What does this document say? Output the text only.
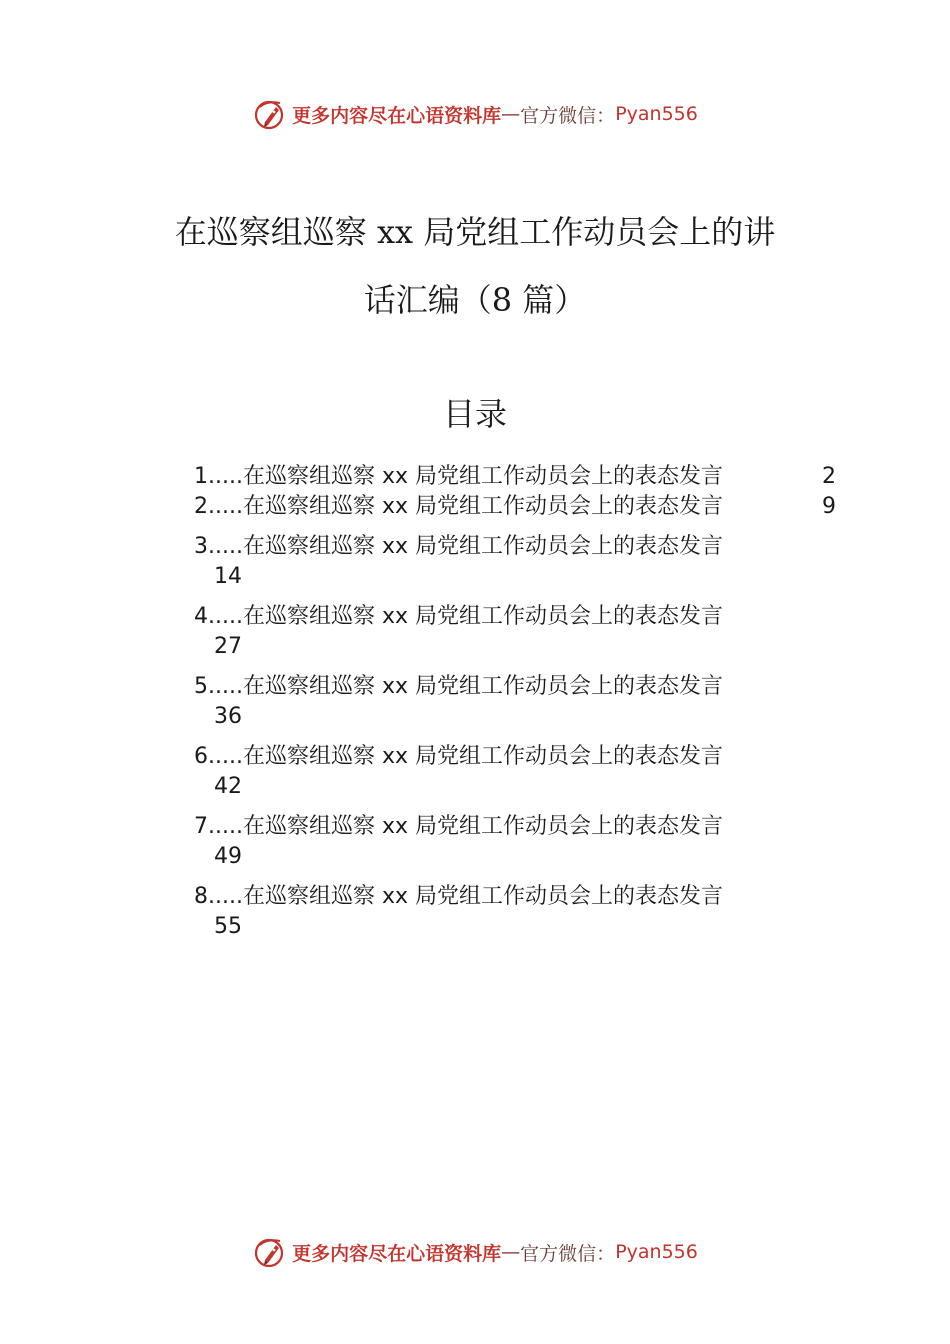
更多内容尽在心语资料库 — 官方微信： Pyan556
在巡察组巡察 xx 局党组工作动员会上的讲
话汇编（8 篇）
目录
1.....在巡察组巡察 xx 局党组工作动员会上的表态发言	2
2.....在巡察组巡察 xx 局党组工作动员会上的表态发言	9
3.....在巡察组巡察 xx 局党组工作动员会上的表态发言
14
4.....在巡察组巡察 xx 局党组工作动员会上的表态发言
27
5.....在巡察组巡察 xx 局党组工作动员会上的表态发言
36
6.....在巡察组巡察 xx 局党组工作动员会上的表态发言
42
7.....在巡察组巡察 xx 局党组工作动员会上的表态发言
49
8.....在巡察组巡察 xx 局党组工作动员会上的表态发言
55
更多内容尽在心语资料库 — 官方微信： Pyan556
